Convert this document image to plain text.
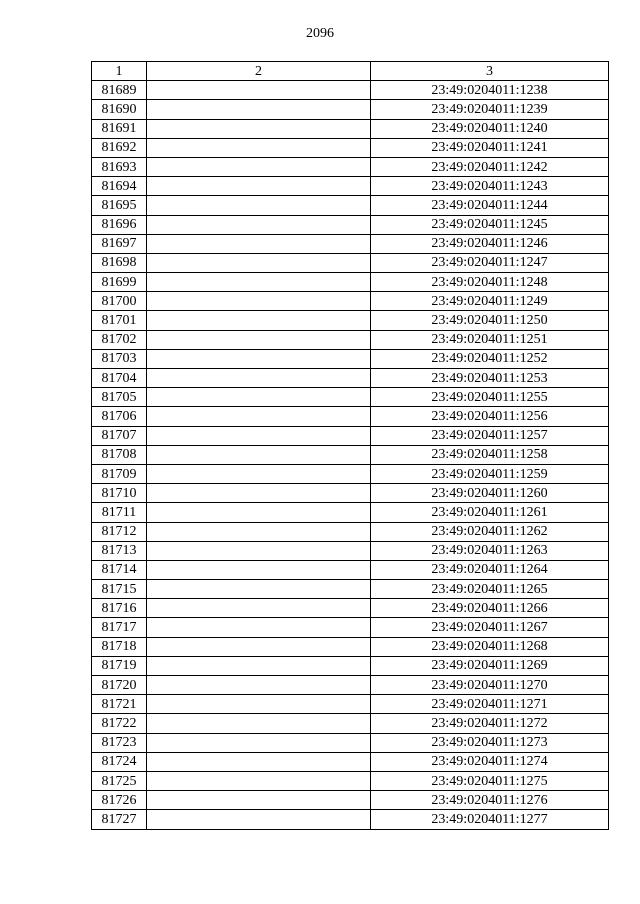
2096
1	2	3
81689		23:49:0204011:1238
81690		23:49:0204011:1239
81691		23:49:0204011:1240
81692		23:49:0204011:1241
81693		23:49:0204011:1242
81694		23:49:0204011:1243
81695		23:49:0204011:1244
81696		23:49:0204011:1245
81697		23:49:0204011:1246
81698		23:49:0204011:1247
81699		23:49:0204011:1248
81700		23:49:0204011:1249
81701		23:49:0204011:1250
81702		23:49:0204011:1251
81703		23:49:0204011:1252
81704		23:49:0204011:1253
81705		23:49:0204011:1255
81706		23:49:0204011:1256
81707		23:49:0204011:1257
81708		23:49:0204011:1258
81709		23:49:0204011:1259
81710		23:49:0204011:1260
81711		23:49:0204011:1261
81712		23:49:0204011:1262
81713		23:49:0204011:1263
81714		23:49:0204011:1264
81715		23:49:0204011:1265
81716		23:49:0204011:1266
81717		23:49:0204011:1267
81718		23:49:0204011:1268
81719		23:49:0204011:1269
81720		23:49:0204011:1270
81721		23:49:0204011:1271
81722		23:49:0204011:1272
81723		23:49:0204011:1273
81724		23:49:0204011:1274
81725		23:49:0204011:1275
81726		23:49:0204011:1276
81727		23:49:0204011:1277
